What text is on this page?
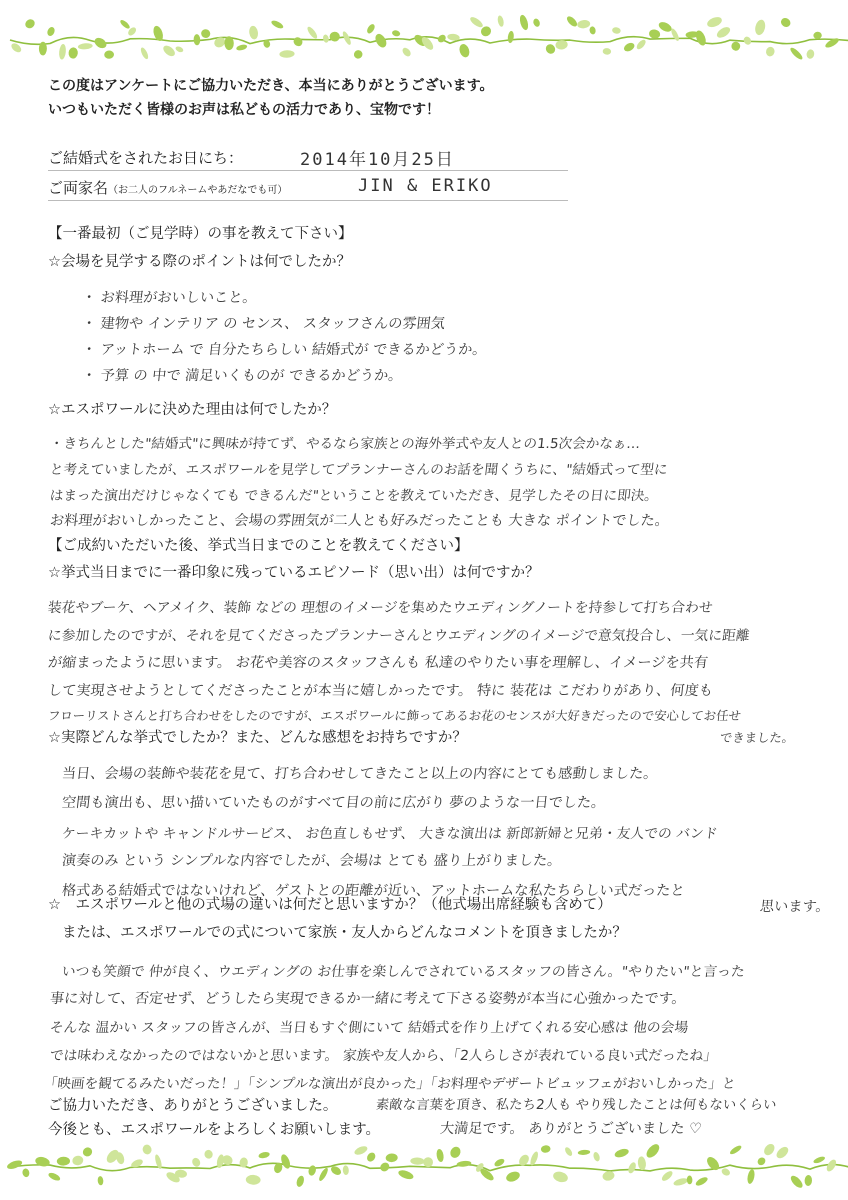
この度はアンケートにご協力いただき、本当にありがとうございます。
いつもいただく皆様のお声は私どもの活力であり、宝物です！
ご結婚式をされたお日にち：	2014年10月25日
ご両家名（お二人のフルネームやあだなでも可）	JIN & ERIKO
【一番最初（ご見学時）の事を教えて下さい】
☆会場を見学する際のポイントは何でしたか？
・ お料理がおいしいこと。
・ 建物や インテリア の センス、 スタッフさんの雰囲気
・ アットホーム で 自分たちらしい 結婚式が できるかどうか。
・ 予算 の 中で 満足いくものが できるかどうか。
☆エスポワールに決めた理由は何でしたか？
・きちんとした"結婚式"に興味が持てず、やるなら家族との海外挙式や友人との1.5次会かなぁ…
と考えていましたが、エスポワールを見学してプランナーさんのお話を聞くうちに、"結婚式って型に
はまった演出だけじゃなくても できるんだ"ということを教えていただき、見学したその日に即決。
お料理がおいしかったこと、会場の雰囲気が二人とも好みだったことも 大きな ポイントでした。
【ご成約いただいた後、挙式当日までのことを教えてください】
☆挙式当日までに一番印象に残っているエピソード（思い出）は何ですか？
装花やブーケ、ヘアメイク、装飾 などの 理想のイメージを集めたウエディングノートを持参して打ち合わせ
に参加したのですが、それを見てくださったプランナーさんとウエディングのイメージで意気投合し、一気に距離
が縮まったように思います。 お花や美容のスタッフさんも 私達のやりたい事を理解し、イメージを共有
して実現させようとしてくださったことが本当に嬉しかったです。 特に 装花は こだわりがあり、何度も
フローリストさんと打ち合わせをしたのですが、エスポワールに飾ってあるお花のセンスが大好きだったので安心してお任せ
できました。
☆実際どんな挙式でしたか？また、どんな感想をお持ちですか？
当日、会場の装飾や装花を見て、打ち合わせしてきたこと以上の内容にとても感動しました。
空間も演出も、思い描いていたものがすべて目の前に広がり 夢のような一日でした。
ケーキカットや キャンドルサービス、 お色直しもせず、 大きな演出は 新郎新婦と兄弟・友人での バンド
演奏のみ という シンプルな内容でしたが、会場は とても 盛り上がりました。
格式ある結婚式ではないけれど、ゲストとの距離が近い、アットホームな私たちらしい式だったと
思います。
☆　エスポワールと他の式場の違いは何だと思いますか？（他式場出席経験も含めて）
または、エスポワールでの式について家族・友人からどんなコメントを頂きましたか？
いつも笑顔で 仲が良く、ウエディングの お仕事を楽しんでされているスタッフの皆さん。"やりたい"と言った
事に対して、否定せず、どうしたら実現できるか一緒に考えて下さる姿勢が本当に心強かったです。
そんな 温かい スタッフの皆さんが、当日もすぐ側にいて 結婚式を作り上げてくれる安心感は 他の会場
では味わえなかったのではないかと思います。 家族や友人から、「2人らしさが表れている良い式だったね」
「映画を観てるみたいだった！」「シンプルな演出が良かった」「お料理やデザートビュッフェがおいしかった」と
素敵な言葉を頂き、私たち2人も やり残したことは何もないくらい
大満足です。 ありがとうございました ♡
ご協力いただき、ありがとうございました。
今後とも、エスポワールをよろしくお願いします。
